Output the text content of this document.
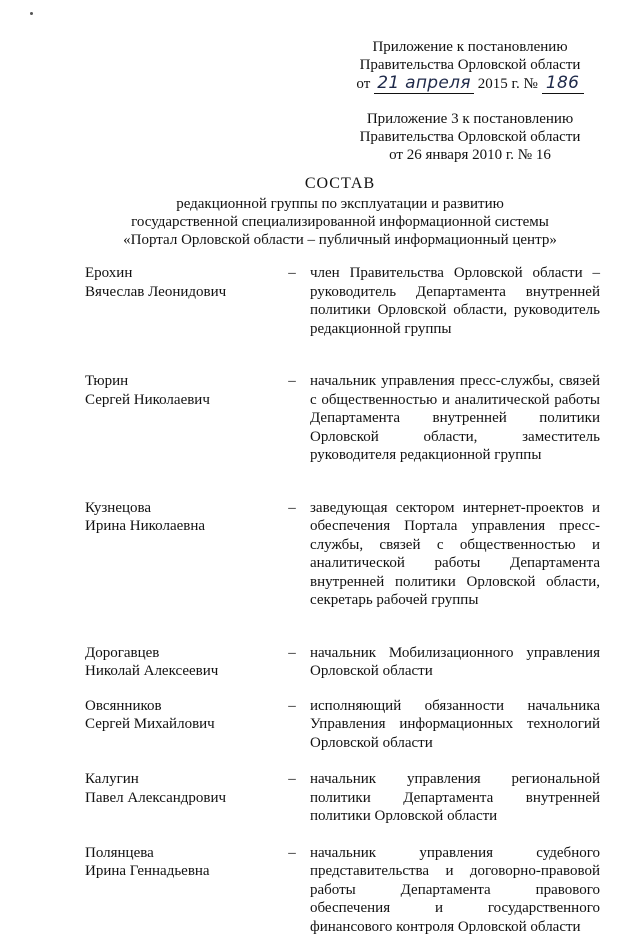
Приложение к постановлению
Правительства Орловской области
от 21 апреля 2015 г. № 186
Приложение 3 к постановлению
Правительства Орловской области
от 26 января 2010 г. № 16
СОСТАВ
редакционной группы по эксплуатации и развитию
государственной специализированной информационной системы
«Портал Орловской области – публичный информационный центр»
Ерохин
Вячеслав Леонидович
– член Правительства Орловской области – руководитель Департамента внутренней политики Орловской области, руководитель редакционной группы
Тюрин
Сергей Николаевич
– начальник управления пресс-службы, связей с общественностью и аналитической работы Департамента внутренней политики Орловской области, заместитель руководителя редакционной группы
Кузнецова
Ирина Николаевна
– заведующая сектором интернет-проектов и обеспечения Портала управления пресс-службы, связей с общественностью и аналитической работы Департамента внутренней политики Орловской области, секретарь рабочей группы
Дорогавцев
Николай Алексеевич
– начальник Мобилизационного управления Орловской области
Овсянников
Сергей Михайлович
– исполняющий обязанности начальника Управления информационных технологий Орловской области
Калугин
Павел Александрович
– начальник управления региональной политики Департамента внутренней политики Орловской области
Полянцева
Ирина Геннадьевна
– начальник управления судебного представительства и договорно-правовой работы Департамента правового обеспечения и государственного финансового контроля Орловской области
